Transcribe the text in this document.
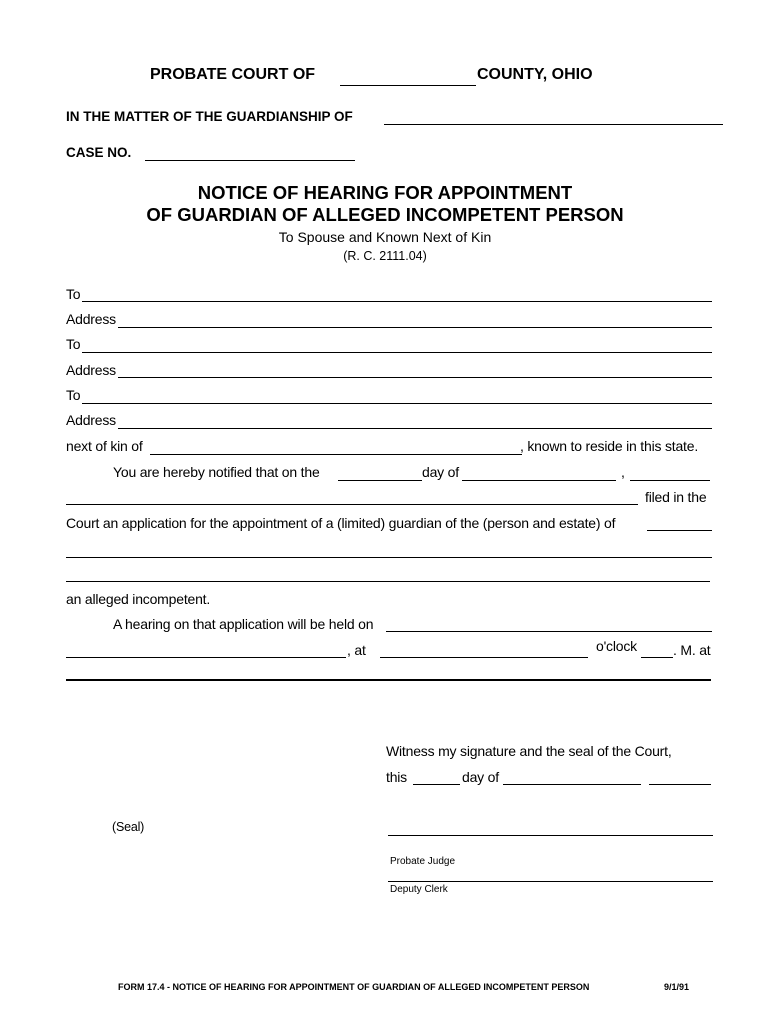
PROBATE COURT OF	COUNTY, OHIO
IN THE MATTER OF THE GUARDIANSHIP OF
CASE NO.
NOTICE OF HEARING FOR APPOINTMENT
OF GUARDIAN OF ALLEGED INCOMPETENT PERSON
To Spouse and Known Next of Kin
(R. C. 2111.04)
To
Address
To
Address
To
Address
next of kin of	, known to reside in this state.
You are hereby notified that on the	day of	,
filed in the
Court an application for the appointment of a (limited) guardian of the (person and estate) of
an alleged incompetent.
A hearing on that application will be held on
, at	o'clock	. M. at
Witness my signature and the seal of the Court,
this	day of
(Seal)
Probate Judge
Deputy Clerk
FORM 17.4 - NOTICE OF HEARING FOR APPOINTMENT OF GUARDIAN OF ALLEGED INCOMPETENT PERSON	9/1/91
